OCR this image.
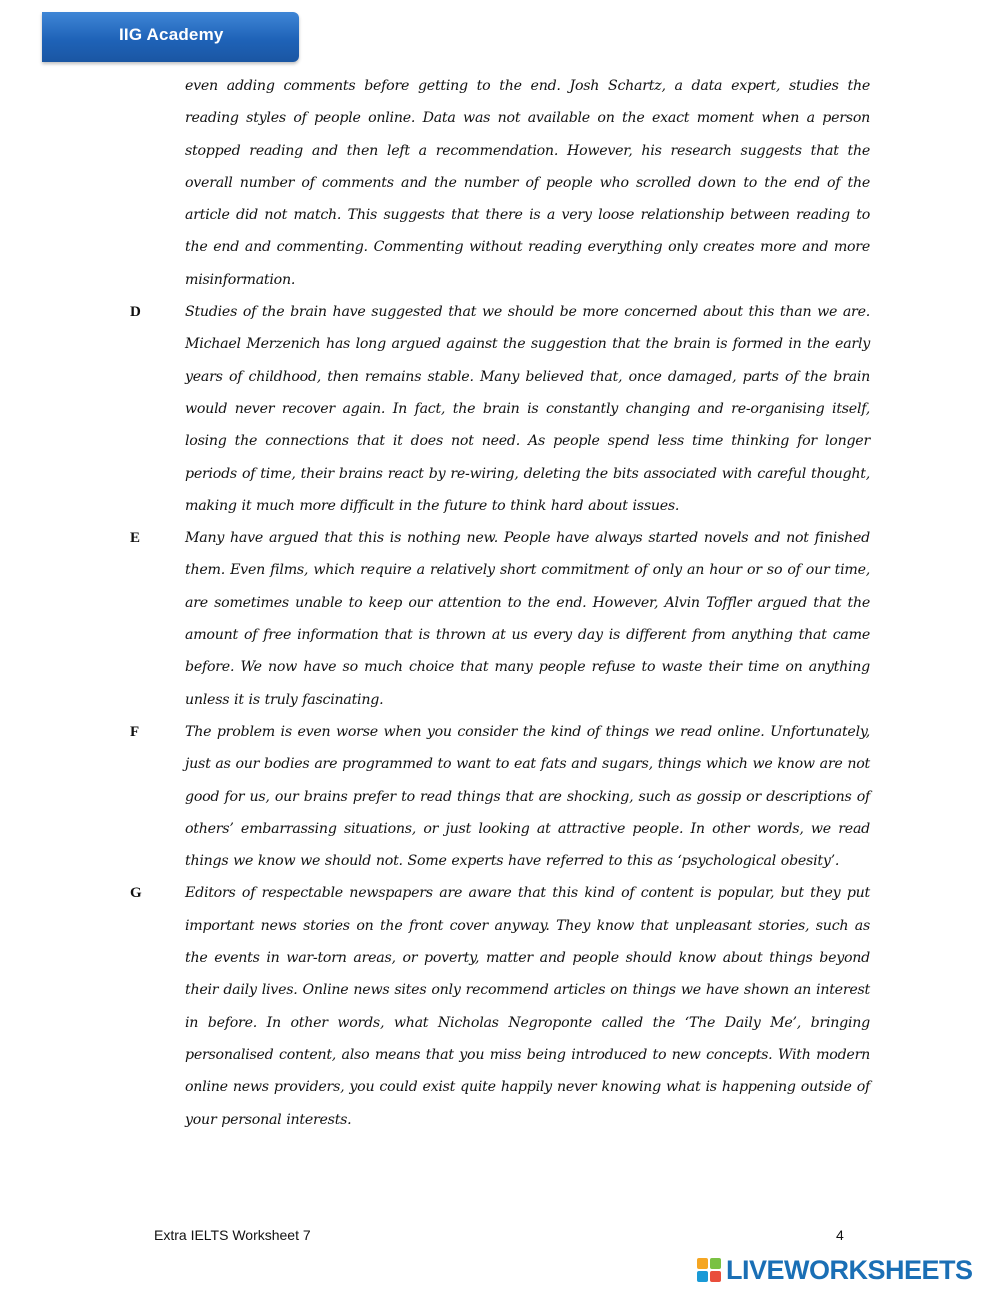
IIG Academy
even adding comments before getting to the end. Josh Schartz, a data expert, studies the reading styles of people online. Data was not available on the exact moment when a person stopped reading and then left a recommendation. However, his research suggests that the overall number of comments and the number of people who scrolled down to the end of the article did not match. This suggests that there is a very loose relationship between reading to the end and commenting. Commenting without reading everything only creates more and more misinformation.
D	Studies of the brain have suggested that we should be more concerned about this than we are. Michael Merzenich has long argued against the suggestion that the brain is formed in the early years of childhood, then remains stable. Many believed that, once damaged, parts of the brain would never recover again. In fact, the brain is constantly changing and re-organising itself, losing the connections that it does not need. As people spend less time thinking for longer periods of time, their brains react by re-wiring, deleting the bits associated with careful thought, making it much more difficult in the future to think hard about issues.
E	Many have argued that this is nothing new. People have always started novels and not finished them. Even films, which require a relatively short commitment of only an hour or so of our time, are sometimes unable to keep our attention to the end. However, Alvin Toffler argued that the amount of free information that is thrown at us every day is different from anything that came before. We now have so much choice that many people refuse to waste their time on anything unless it is truly fascinating.
F	The problem is even worse when you consider the kind of things we read online. Unfortunately, just as our bodies are programmed to want to eat fats and sugars, things which we know are not good for us, our brains prefer to read things that are shocking, such as gossip or descriptions of others’ embarrassing situations, or just looking at attractive people. In other words, we read things we know we should not. Some experts have referred to this as ‘psychological obesity’.
G	Editors of respectable newspapers are aware that this kind of content is popular, but they put important news stories on the front cover anyway. They know that unpleasant stories, such as the events in war-torn areas, or poverty, matter and people should know about things beyond their daily lives. Online news sites only recommend articles on things we have shown an interest in before. In other words, what Nicholas Negroponte called the ‘The Daily Me’, bringing personalised content, also means that you miss being introduced to new concepts. With modern online news providers, you could exist quite happily never knowing what is happening outside of your personal interests.
Extra IELTS Worksheet 7	4
LIVEWORKSHEETS
